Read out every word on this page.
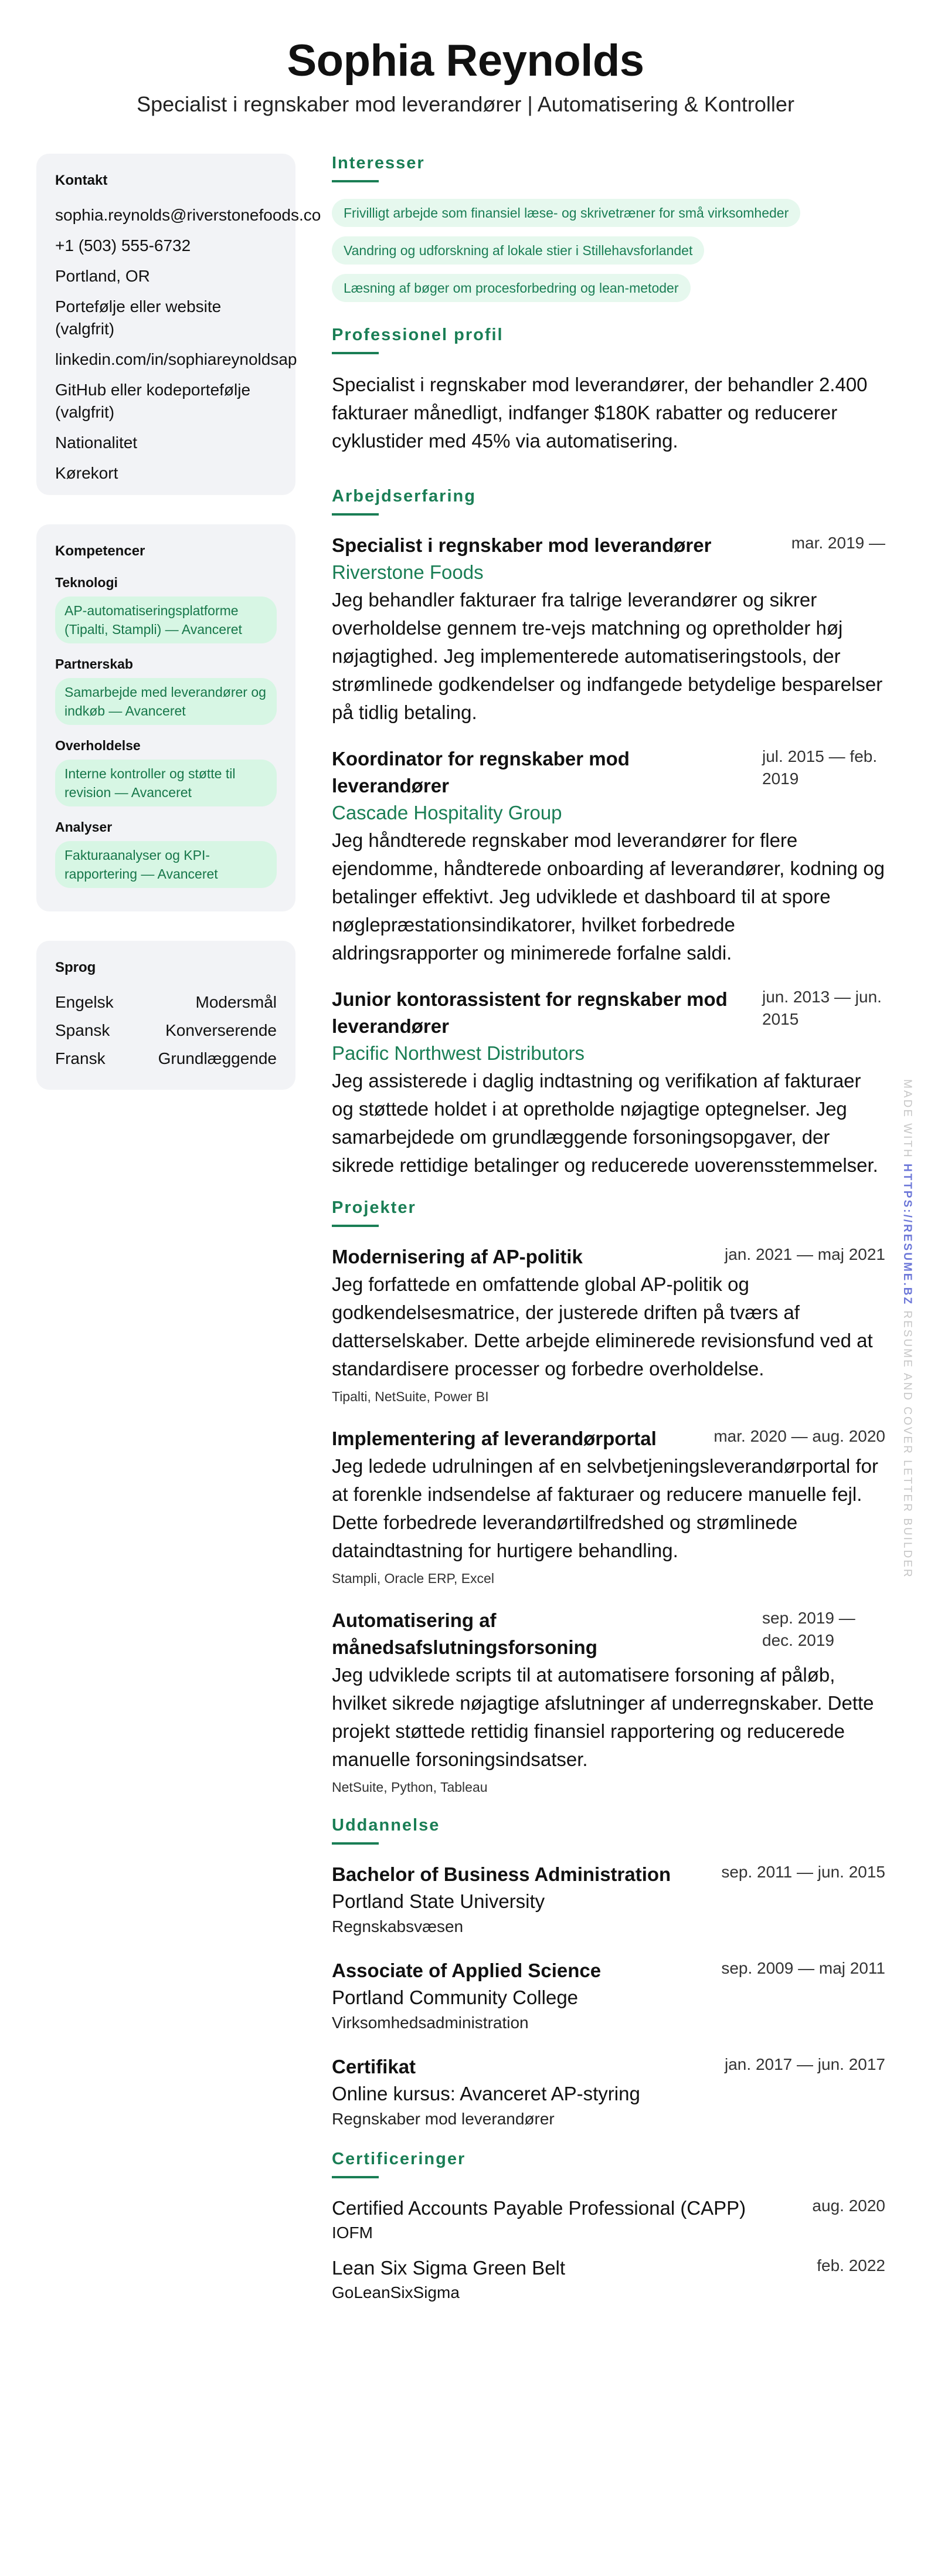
Sophia Reynolds
Specialist i regnskaber mod leverandører | Automatisering & Kontroller
Kontakt
sophia.reynolds@riverstonefoods.co
+1 (503) 555-6732
Portland, OR
Portefølje eller website (valgfrit)
linkedin.com/in/sophiareynoldsap
GitHub eller kodeportefølje (valgfrit)
Nationalitet
Kørekort
Kompetencer
Teknologi
AP-automatiseringsplatforme (Tipalti, Stampli) — Avanceret
Partnerskab
Samarbejde med leverandører og indkøb — Avanceret
Overholdelse
Interne kontroller og støtte til revision — Avanceret
Analyser
Fakturaanalyser og KPI-rapportering — Avanceret
Sprog
Engelsk	Modersmål
Spansk	Konverserende
Fransk	Grundlæggende
Interesser
Frivilligt arbejde som finansiel læse- og skrivetræner for små virksomheder
Vandring og udforskning af lokale stier i Stillehavsforlandet
Læsning af bøger om procesforbedring og lean-metoder
Professionel profil
Specialist i regnskaber mod leverandører, der behandler 2.400 fakturaer månedligt, indfanger $180K rabatter og reducerer cyklustider med 45% via automatisering.
Arbejdserfaring
Specialist i regnskaber mod leverandører	mar. 2019 —
Riverstone Foods
Jeg behandler fakturaer fra talrige leverandører og sikrer overholdelse gennem tre-vejs matchning og opretholder høj nøjagtighed. Jeg implementerede automatiseringstools, der strømlinede godkendelser og indfangede betydelige besparelser på tidlig betaling.
Koordinator for regnskaber mod leverandører
jul. 2015 — feb. 2019
Cascade Hospitality Group
Jeg håndterede regnskaber mod leverandører for flere ejendomme, håndterede onboarding af leverandører, kodning og betalinger effektivt. Jeg udviklede et dashboard til at spore nøglepræstationsindikatorer, hvilket forbedrede aldringsrapporter og minimerede forfalne saldi.
Junior kontorassistent for regnskaber mod leverandører
jun. 2013 — jun. 2015
Pacific Northwest Distributors
Jeg assisterede i daglig indtastning og verifikation af fakturaer og støttede holdet i at opretholde nøjagtige optegnelser. Jeg samarbejdede om grundlæggende forsoningsopgaver, der sikrede rettidige betalinger og reducerede uoverensstemmelser.
Projekter
Modernisering af AP-politik	jan. 2021 — maj 2021
Jeg forfattede en omfattende global AP-politik og godkendelsesmatrice, der justerede driften på tværs af datterselskaber. Dette arbejde eliminerede revisionsfund ved at standardisere processer og forbedre overholdelse.
Tipalti, NetSuite, Power BI
Implementering af leverandørportal	mar. 2020 — aug. 2020
Jeg ledede udrulningen af en selvbetjeningsleverandørportal for at forenkle indsendelse af fakturaer og reducere manuelle fejl. Dette forbedrede leverandørtilfredshed og strømlinede dataindtastning for hurtigere behandling.
Stampli, Oracle ERP, Excel
Automatisering af månedsafslutningsforsoning
sep. 2019 — dec. 2019
Jeg udviklede scripts til at automatisere forsoning af påløb, hvilket sikrede nøjagtige afslutninger af underregnskaber. Dette projekt støttede rettidig finansiel rapportering og reducerede manuelle forsoningsindsatser.
NetSuite, Python, Tableau
Uddannelse
Bachelor of Business Administration	sep. 2011 — jun. 2015
Portland State University
Regnskabsvæsen
Associate of Applied Science	sep. 2009 — maj 2011
Portland Community College
Virksomhedsadministration
Certifikat	jan. 2017 — jun. 2017
Online kursus: Avanceret AP-styring
Regnskaber mod leverandører
Certificeringer
Certified Accounts Payable Professional (CAPP)	aug. 2020
IOFM
Lean Six Sigma Green Belt	feb. 2022
GoLeanSixSigma
MADE WITH HTTPS://RESUME.BZ RESUME AND COVER LETTER BUILDER
